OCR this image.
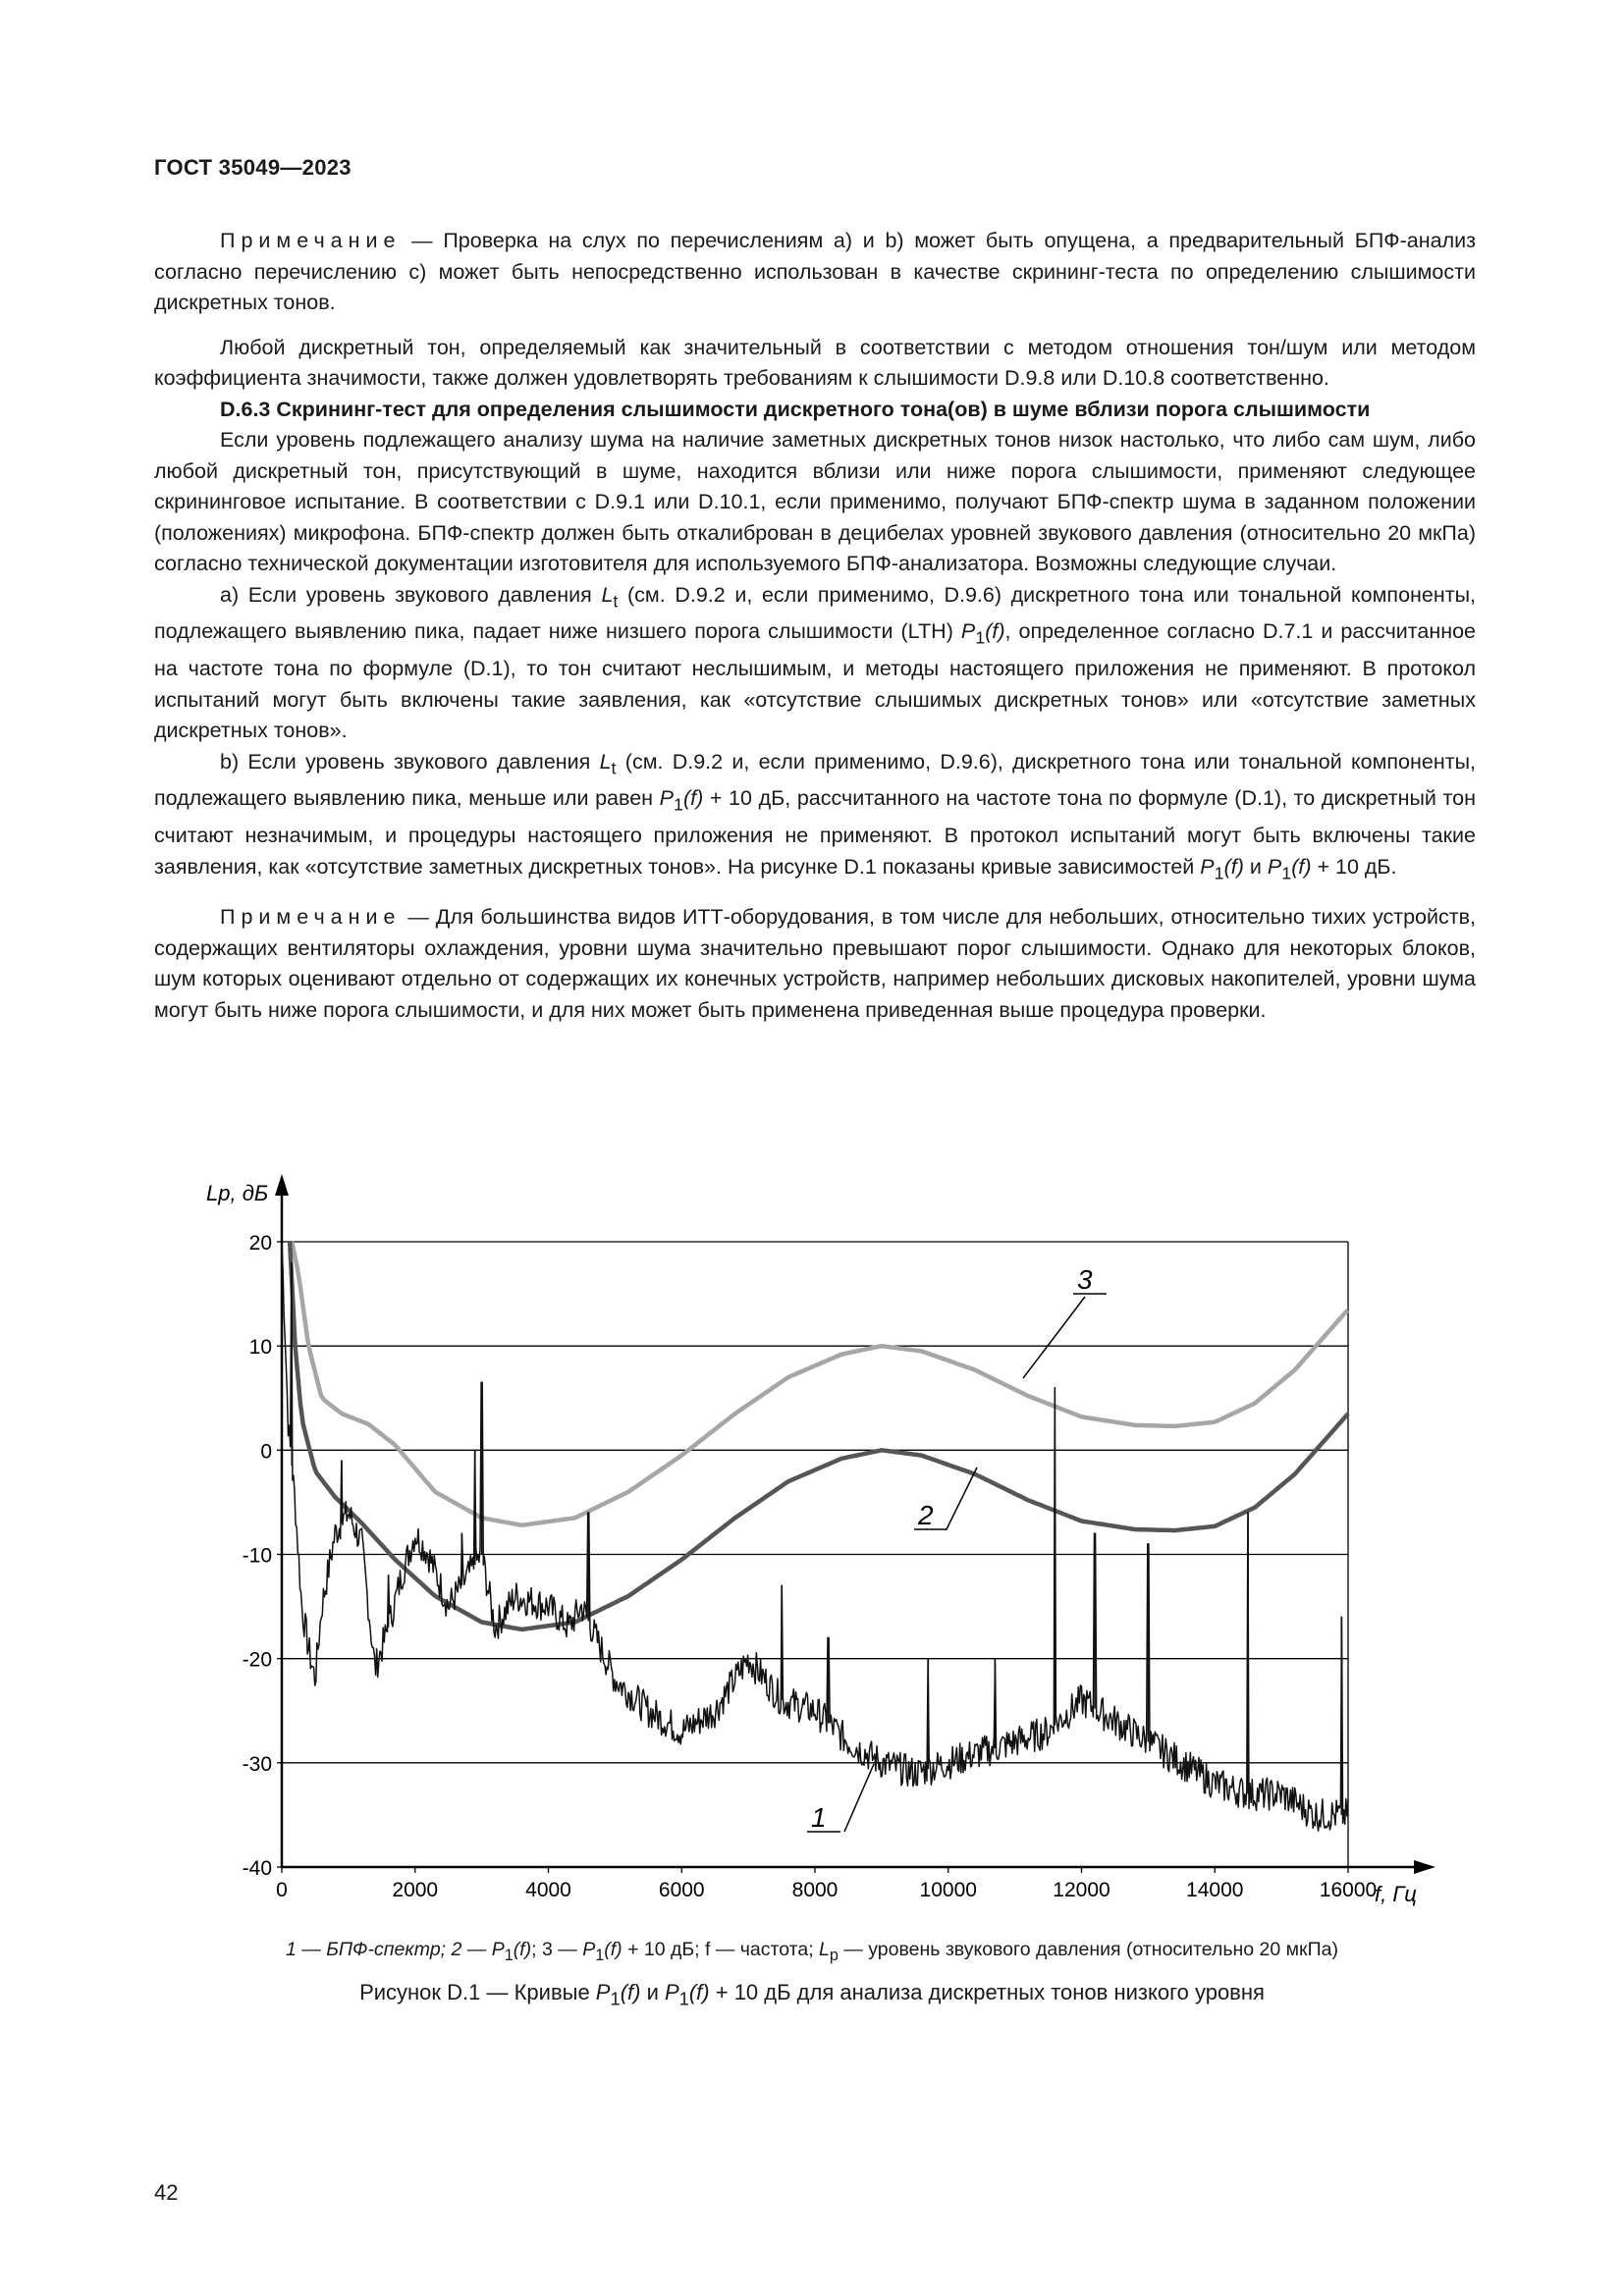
ГОСТ 35049—2023

Примечание — Проверка на слух по перечислениям a) и b) может быть опущена, а предварительный БПФ-анализ согласно перечислению c) может быть непосредственно использован в качестве скрининг-теста по определению слышимости дискретных тонов.

Любой дискретный тон, определяемый как значительный в соответствии с методом отношения тон/шум или методом коэффициента значимости, также должен удовлетворять требованиям к слышимости D.9.8 или D.10.8 соответственно.

D.6.3 Скрининг-тест для определения слышимости дискретного тона(ов) в шуме вблизи порога слышимости

Если уровень подлежащего анализу шума на наличие заметных дискретных тонов низок настолько, что либо сам шум, либо любой дискретный тон, присутствующий в шуме, находится вблизи или ниже порога слышимости, применяют следующее скрининговое испытание. В соответствии с D.9.1 или D.10.1, если применимо, получают БПФ-спектр шума в заданном положении (положениях) микрофона. БПФ-спектр должен быть откалиброван в децибелах уровней звукового давления (относительно 20 мкПа) согласно технической документации изготовителя для используемого БПФ-анализатора. Возможны следующие случаи.

a) Если уровень звукового давления $L_t$ (см. D.9.2 и, если применимо, D.9.6) дискретного тона или тональной компоненты, подлежащего выявлению пика, падает ниже низшего порога слышимости (LTH) $P_1(f)$, определенное согласно D.7.1 и рассчитанное на частоте тона по формуле (D.1), то тон считают неслышимым, и методы настоящего приложения не применяют. В протокол испытаний могут быть включены такие заявления, как «отсутствие слышимых дискретных тонов» или «отсутствие заметных дискретных тонов».

b) Если уровень звукового давления $L_t$ (см. D.9.2 и, если применимо, D.9.6), дискретного тона или тональной компоненты, подлежащего выявлению пика, меньше или равен $P_1(f) + 10$ дБ, рассчитанного на частоте тона по формуле (D.1), то дискретный тон считают незначимым, и процедуры настоящего приложения не применяют. В протокол испытаний могут быть включены такие заявления, как «отсутствие заметных дискретных тонов». На рисунке D.1 показаны кривые зависимостей $P_1(f)$ и $P_1(f) + 10$ дБ.

Примечание — Для большинства видов ИТТ-оборудования, в том числе для небольших, относительно тихих устройств, содержащих вентиляторы охлаждения, уровни шума значительно превышают порог слышимости. Однако для некоторых блоков, шум которых оценивают отдельно от содержащих их конечных устройств, например небольших дисковых накопителей, уровни шума могут быть ниже порога слышимости, и для них может быть применена приведенная выше процедура проверки.

20
10
0
-10
-20
-30
-40
0	2000	4000	6000	8000	10000	12000	14000	16000
1
2
3
Lp, дБ
f, Гц
1 — БПФ-спектр; 2 — $P_1(f)$; 3 — $P_1(f) + 10$ дБ; f — частота; $L_p$ — уровень звукового давления (относительно 20 мкПа)
Рисунок D.1 — Кривые $P_1(f)$ и $P_1(f) + 10$ дБ для анализа дискретных тонов низкого уровня
42
